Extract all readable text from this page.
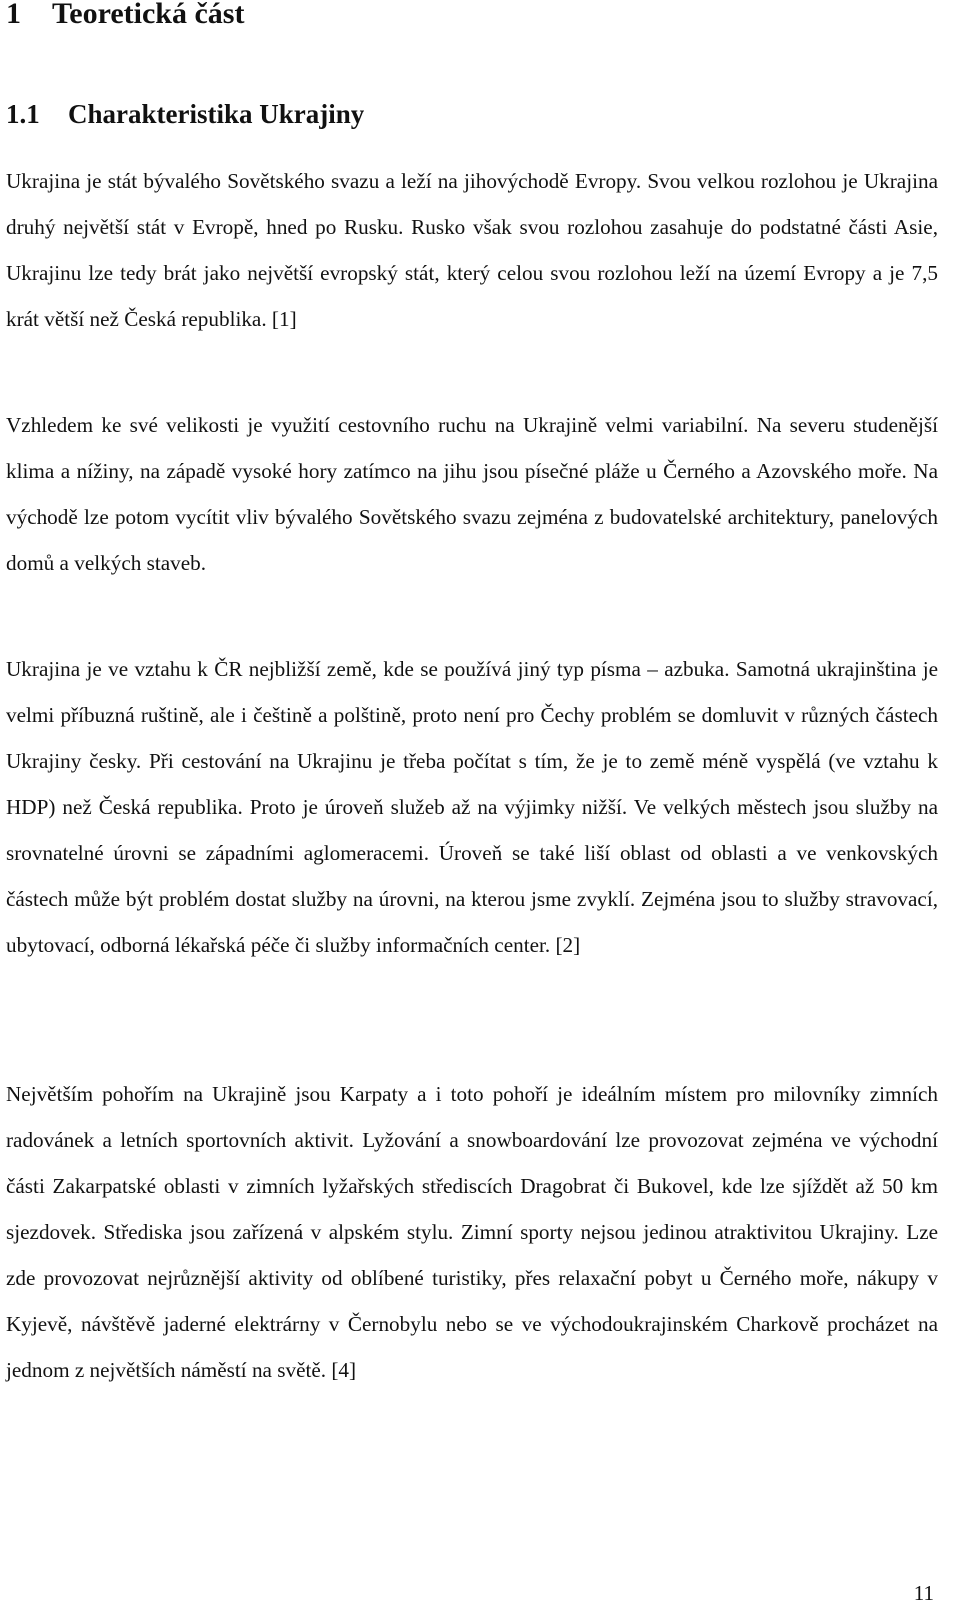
1 Teoretická část
1.1 Charakteristika Ukrajiny

Ukrajina je stát bývalého Sovětského svazu a leží na jihovýchodě Evropy. Svou velkou rozlohou je Ukrajina druhý největší stát v Evropě, hned po Rusku. Rusko však svou rozlohou zasahuje do podstatné části Asie, Ukrajinu lze tedy brát jako největší evropský stát, který celou svou rozlohou leží na území Evropy a je 7,5 krát větší než Česká republika. [1]

Vzhledem ke své velikosti je využití cestovního ruchu na Ukrajině velmi variabilní. Na severu studenější klima a nížiny, na západě vysoké hory zatímco na jihu jsou písečné pláže u Černého a Azovského moře. Na východě lze potom vycítit vliv bývalého Sovětského svazu zejména z budovatelské architektury, panelových domů a velkých staveb.

Ukrajina je ve vztahu k ČR nejbližší země, kde se používá jiný typ písma – azbuka. Samotná ukrajinština je velmi příbuzná ruštině, ale i češtině a polštině, proto není pro Čechy problém se domluvit v různých částech Ukrajiny česky. Při cestování na Ukrajinu je třeba počítat s tím, že je to země méně vyspělá (ve vztahu k HDP) než Česká republika. Proto je úroveň služeb až na výjimky nižší. Ve velkých městech jsou služby na srovnatelné úrovni se západními aglomeracemi. Úroveň se také liší oblast od oblasti a ve venkovských částech může být problém dostat služby na úrovni, na kterou jsme zvyklí. Zejména jsou to služby stravovací, ubytovací, odborná lékařská péče či služby informačních center. [2]

Největším pohořím na Ukrajině jsou Karpaty a i toto pohoří je ideálním místem pro milovníky zimních radovánek a letních sportovních aktivit. Lyžování a snowboardování lze provozovat zejména ve východní části Zakarpatské oblasti v zimních lyžařských střediscích Dragobrat či Bukovel, kde lze sjíždět až 50 km sjezdovek. Střediska jsou zařízená v alpském stylu. Zimní sporty nejsou jedinou atraktivitou Ukrajiny. Lze zde provozovat nejrůznější aktivity od oblíbené turistiky, přes relaxační pobyt u Černého moře, nákupy v Kyjevě, návštěvě jaderné elektrárny v Černobylu nebo se ve východoukrajinském Charkově procházet na jednom z největších náměstí na světě. [4]

11
